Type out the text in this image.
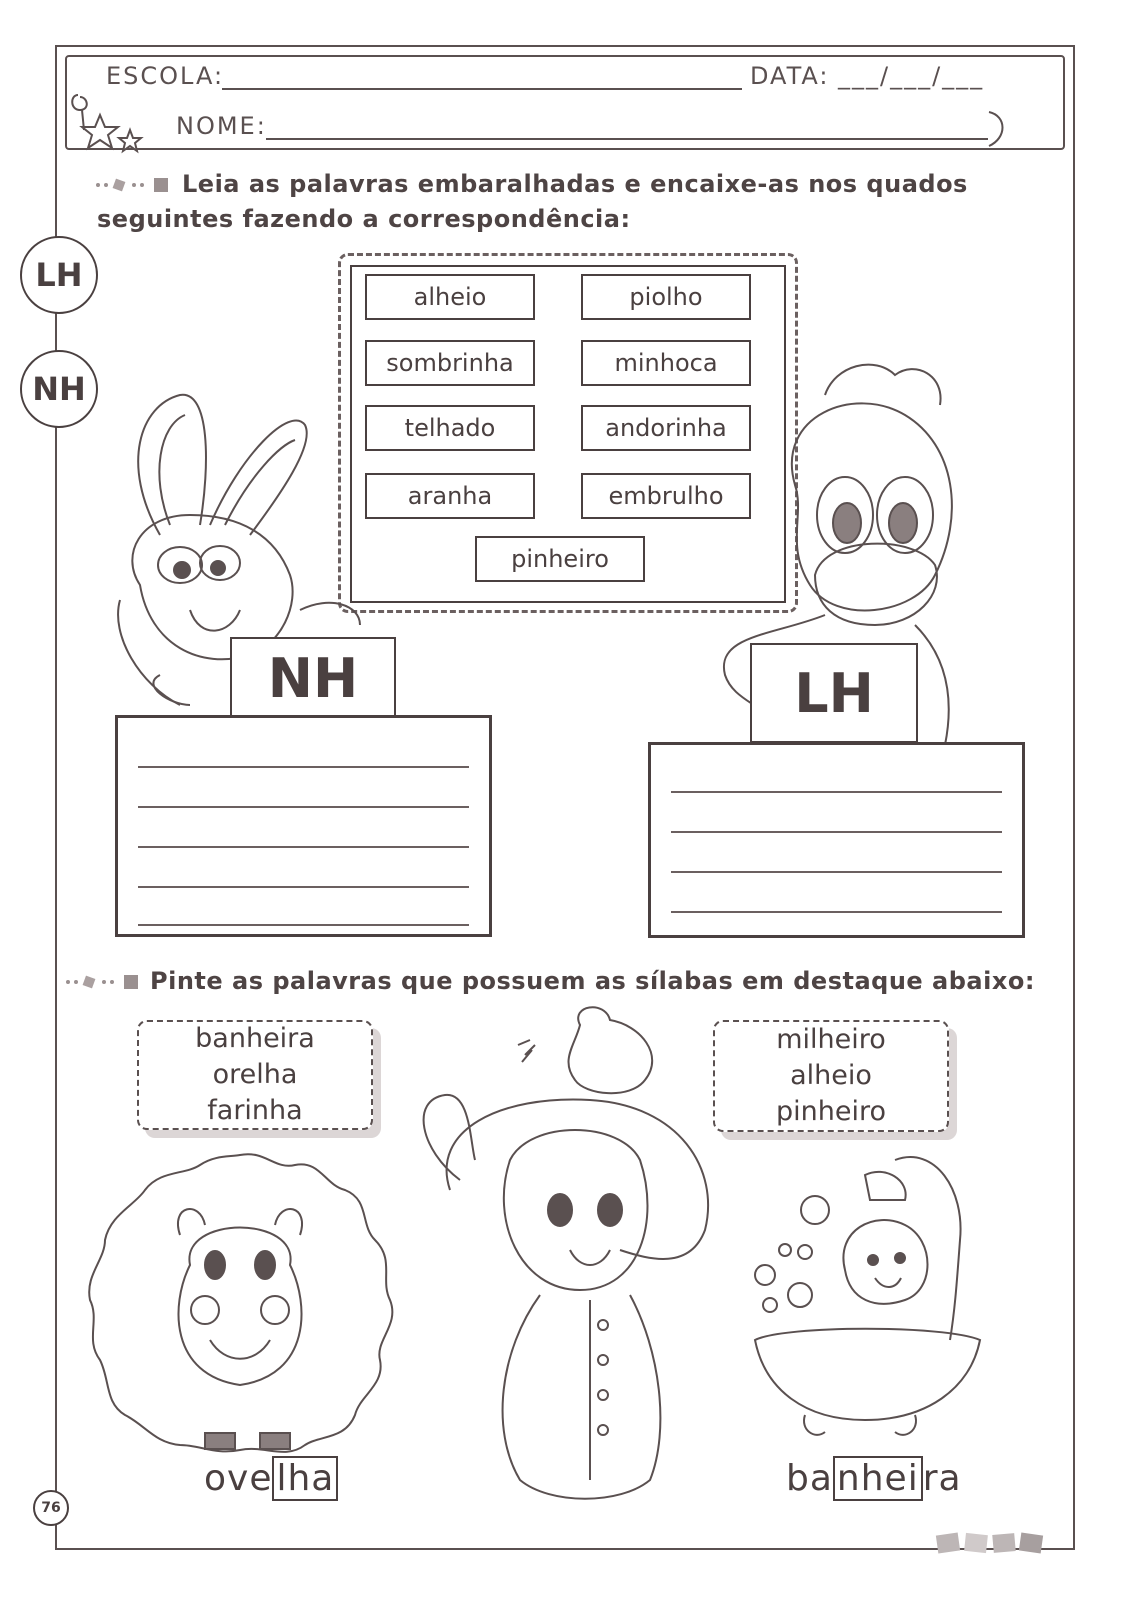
ESCOLA:	DATA: ___/___/___
NOME:
LH
NH
Leia as palavras embaralhadas e encaixe-as nos quados
seguintes fazendo a correspondência:
alheio	piolho
sombrinha	minhoca
telhado	andorinha
aranha	embrulho
pinheiro
NH	LH
Pinte as palavras que possuem as sílabas em destaque abaixo:
banheira
orelha
farinha
milheiro
alheio
pinheiro
ove lha	ba nhei ra
76
